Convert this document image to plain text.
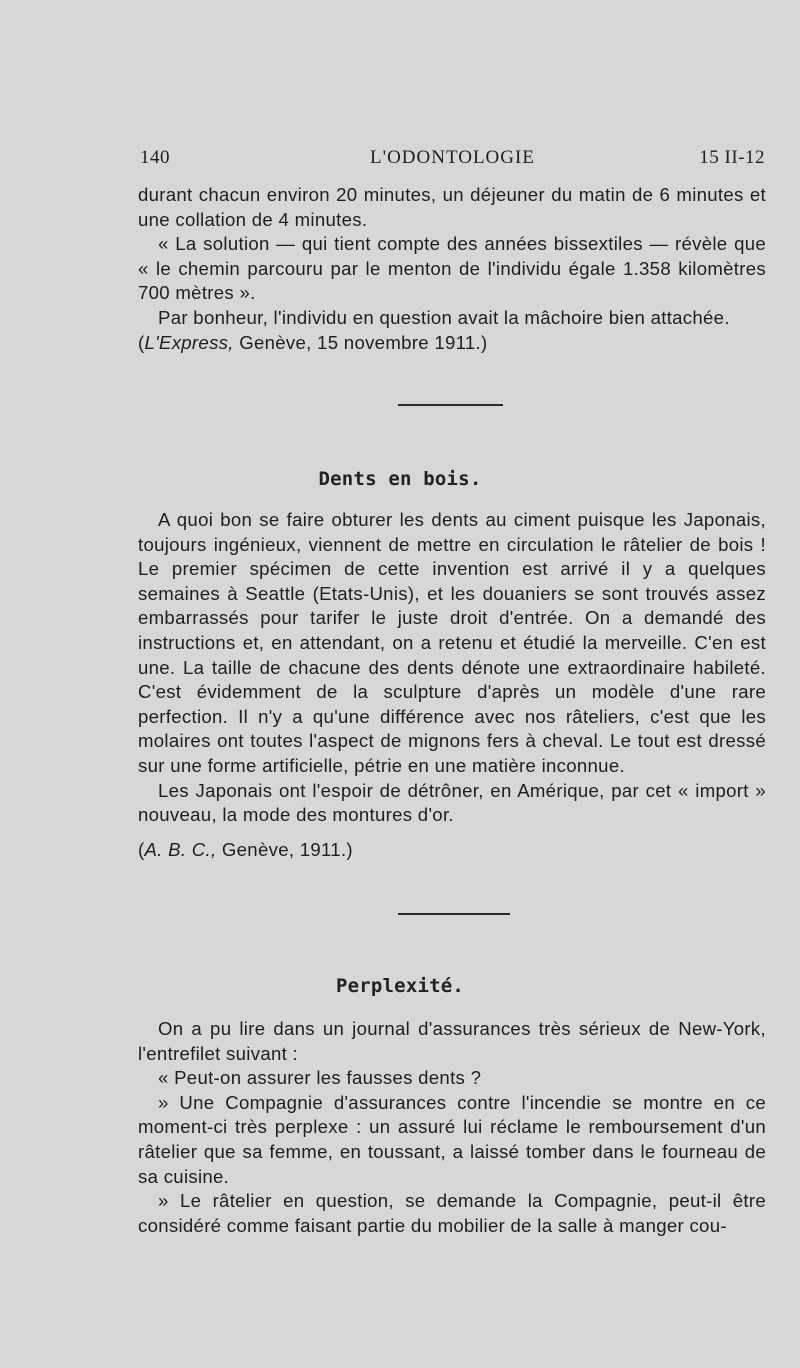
140	L'ODONTOLOGIE	15 II-12

durant chacun environ 20 minutes, un déjeuner du matin de 6 minutes et une collation de 4 minutes.

« La solution — qui tient compte des années bissextiles — révèle que « le chemin parcouru par le menton de l'individu égale 1.358 kilomètres 700 mètres ».

Par bonheur, l'individu en question avait la mâchoire bien attachée.

(L'Express, Genève, 15 novembre 1911.)

Dents en bois.

A quoi bon se faire obturer les dents au ciment puisque les Japonais, toujours ingénieux, viennent de mettre en circulation le râtelier de bois ! Le premier spécimen de cette invention est arrivé il y a quelques semaines à Seattle (Etats-Unis), et les douaniers se sont trouvés assez embarrassés pour tarifer le juste droit d'entrée. On a demandé des instructions et, en attendant, on a retenu et étudié la merveille. C'en est une. La taille de chacune des dents dénote une extraordinaire habileté. C'est évidemment de la sculpture d'après un modèle d'une rare perfection. Il n'y a qu'une différence avec nos râteliers, c'est que les molaires ont toutes l'aspect de mignons fers à cheval. Le tout est dressé sur une forme artificielle, pétrie en une matière inconnue.

Les Japonais ont l'espoir de détrôner, en Amérique, par cet « import » nouveau, la mode des montures d'or.

(A. B. C., Genève, 1911.)

Perplexité.

On a pu lire dans un journal d'assurances très sérieux de New-York, l'entrefilet suivant :

« Peut-on assurer les fausses dents ?

» Une Compagnie d'assurances contre l'incendie se montre en ce moment-ci très perplexe : un assuré lui réclame le remboursement d'un râtelier que sa femme, en toussant, a laissé tomber dans le fourneau de sa cuisine.

» Le râtelier en question, se demande la Compagnie, peut-il être considéré comme faisant partie du mobilier de la salle à manger cou-
